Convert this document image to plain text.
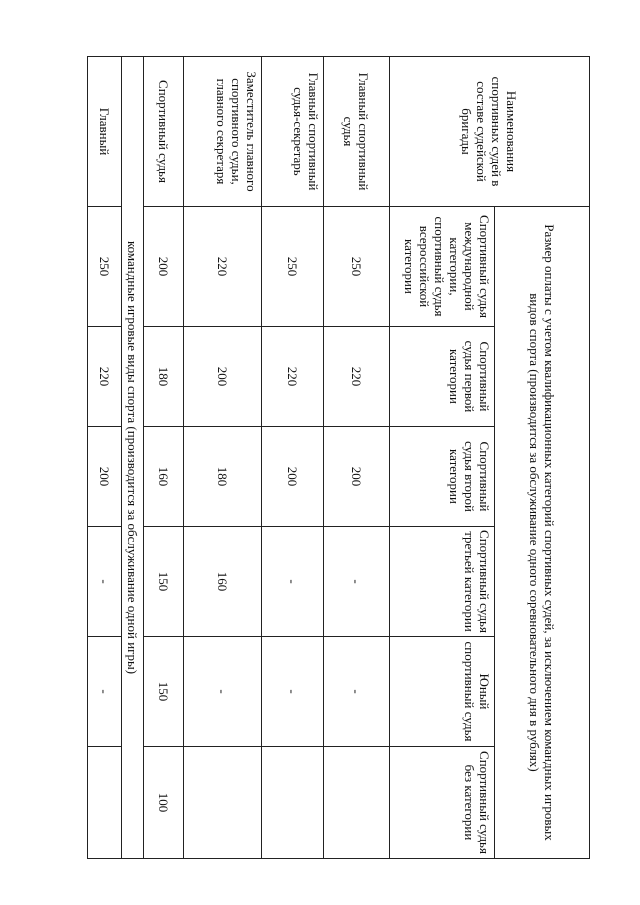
Наименования спортивных судей в составе судейской бригады	Размер оплаты с учетом квалификационных категорий спортивных судей, за исключением командных игровых видов спорта (производится за обслуживание одного соревновательного дня в рублях)					
	Спортивный судья международной категории, спортивный судья всероссийской категории	Спортивный судья первой категории	Спортивный судья второй категории	Спортивный судья третьей категории	Юный спортивный судья	Спортивный судья без категории
Главный спортивный судья	250	220	200	-	-	
Главный спортивный судья-секретарь	250	220	200	-	-	
Заместитель главного спортивного судьи, главного секретаря	220	200	180	160	-	
Спортивный судья	200	180	160	150	150	100
командные игровые виды спорта (производится за обслуживание одной игры)						
Главный	250	220	200	-	-	
